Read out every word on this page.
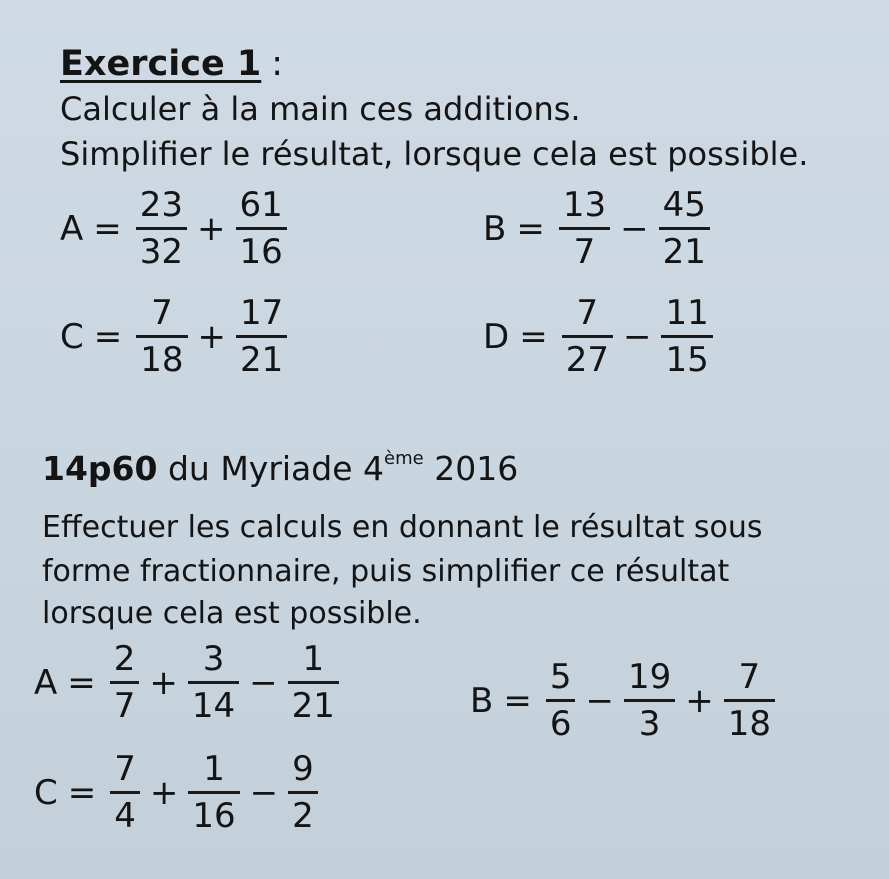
Exercice 1 :
Calculer à la main ces additions.
Simplifier le résultat, lorsque cela est possible.
$A = \frac{23}{32} + \frac{61}{16}$	$B = \frac{13}{7} - \frac{45}{21}$
$C = \frac{7}{18} + \frac{17}{21}$	$D = \frac{7}{27} - \frac{11}{15}$
14p60 du Myriade 4ème 2016
Effectuer les calculs en donnant le résultat sous
forme fractionnaire, puis simplifier ce résultat
lorsque cela est possible.
$A = \frac{2}{7} + \frac{3}{14} - \frac{1}{21}$	$B = \frac{5}{6} - \frac{19}{3} + \frac{7}{18}$
$C = \frac{7}{4} + \frac{1}{16} - \frac{9}{2}$
